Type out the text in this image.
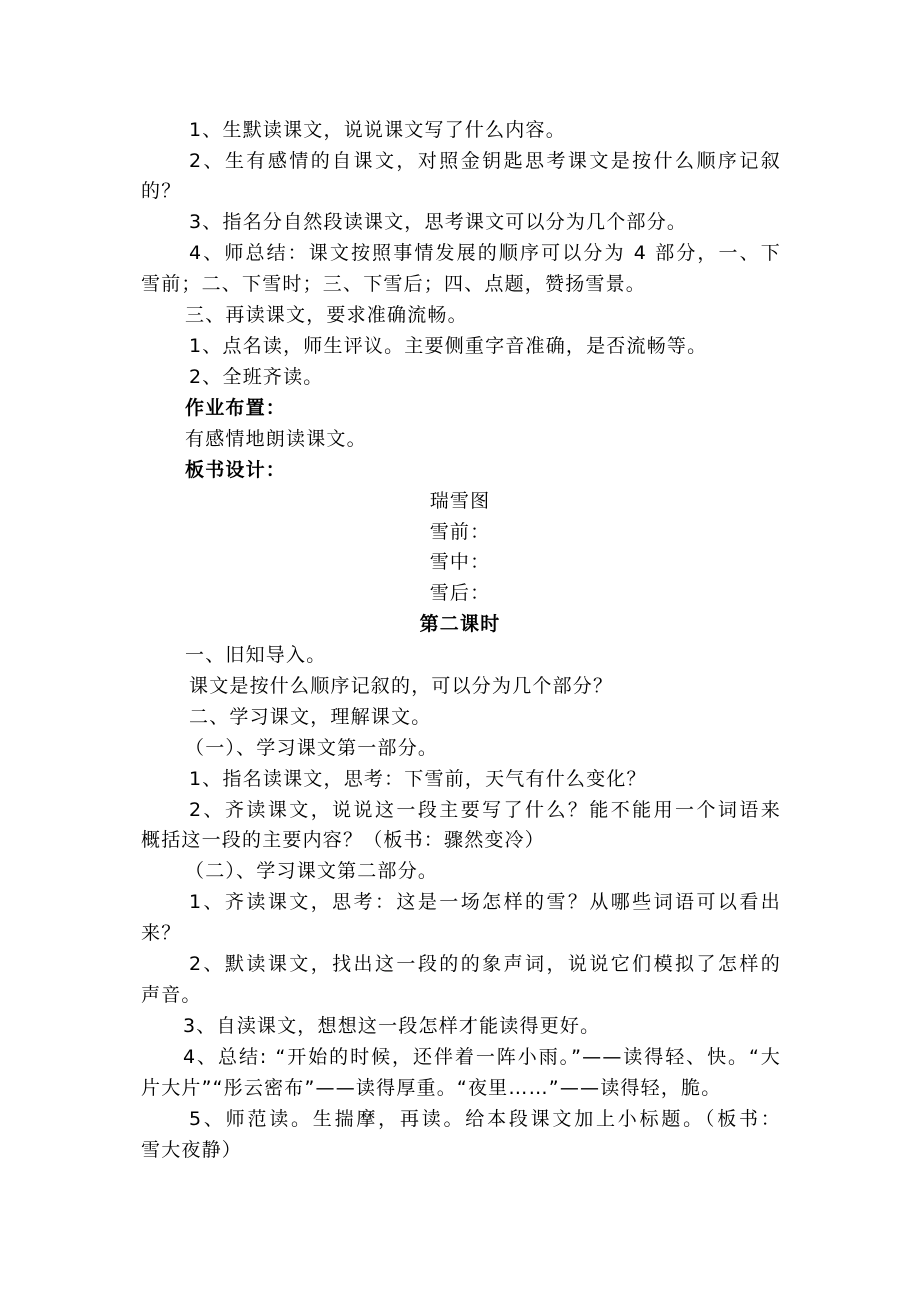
1、生默读课文，说说课文写了什么内容。
2、生有感情的自课文，对照金钥匙思考课文是按什么顺序记叙
的？
3、指名分自然段读课文，思考课文可以分为几个部分。
4、师总结：课文按照事情发展的顺序可以分为 4 部分，一、下
雪前；二、下雪时；三、下雪后；四、点题，赞扬雪景。
三、再读课文，要求准确流畅。
1、点名读，师生评议。主要侧重字音准确，是否流畅等。
2、全班齐读。
作业布置：
有感情地朗读课文。
板书设计：
瑞雪图
雪前：
雪中：
雪后：
第二课时
一、旧知导入。
课文是按什么顺序记叙的，可以分为几个部分？
二、学习课文，理解课文。
（一）、学习课文第一部分。
1、指名读课文，思考：下雪前，天气有什么变化？
2、齐读课文，说说这一段主要写了什么？能不能用一个词语来
概括这一段的主要内容？（板书：骤然变冷）
（二）、学习课文第二部分。
1、齐读课文，思考：这是一场怎样的雪？从哪些词语可以看出
来？
2、默读课文，找出这一段的的象声词，说说它们模拟了怎样的
声音。
3、自渎课文，想想这一段怎样才能读得更好。
4、总结: “开始的时候，还伴着一阵小雨。”——读得轻、快。“大
片大片”“彤云密布”——读得厚重。“夜里……”——读得轻，脆。
5、师范读。生揣摩，再读。给本段课文加上小标题。（板书：
雪大夜静）
